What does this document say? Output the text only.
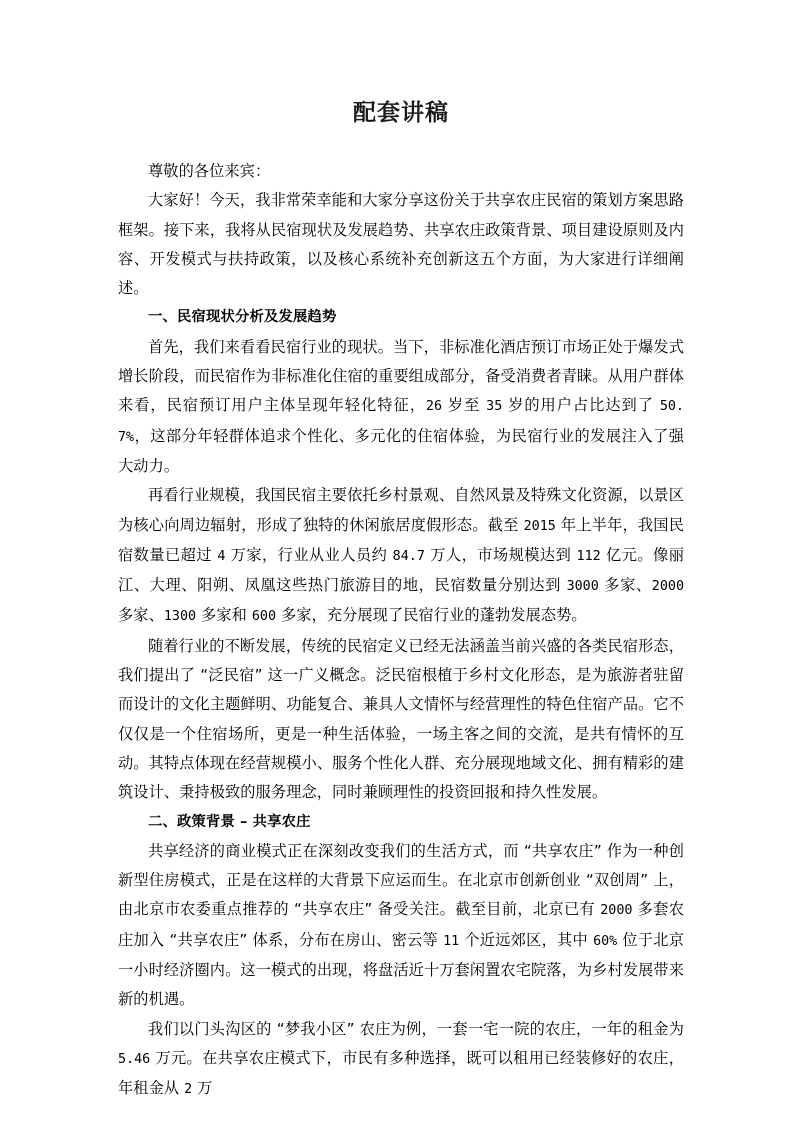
配套讲稿

尊敬的各位来宾：

大家好！今天，我非常荣幸能和大家分享这份关于共享农庄民宿的策划方案思路框架。接下来，我将从民宿现状及发展趋势、共享农庄政策背景、项目建设原则及内容、开发模式与扶持政策，以及核心系统补充创新这五个方面，为大家进行详细阐述。

一、民宿现状分析及发展趋势

首先，我们来看看民宿行业的现状。当下，非标准化酒店预订市场正处于爆发式增长阶段，而民宿作为非标准化住宿的重要组成部分，备受消费者青睐。从用户群体来看，民宿预订用户主体呈现年轻化特征，26 岁至 35 岁的用户占比达到了 50.7%，这部分年轻群体追求个性化、多元化的住宿体验，为民宿行业的发展注入了强大动力。

再看行业规模，我国民宿主要依托乡村景观、自然风景及特殊文化资源，以景区为核心向周边辐射，形成了独特的休闲旅居度假形态。截至 2015 年上半年，我国民宿数量已超过 4 万家，行业从业人员约 84.7 万人，市场规模达到 112 亿元。像丽江、大理、阳朔、凤凰这些热门旅游目的地，民宿数量分别达到 3000 多家、2000 多家、1300 多家和 600 多家，充分展现了民宿行业的蓬勃发展态势。

随着行业的不断发展，传统的民宿定义已经无法涵盖当前兴盛的各类民宿形态，我们提出了 “泛民宿” 这一广义概念。泛民宿根植于乡村文化形态，是为旅游者驻留而设计的文化主题鲜明、功能复合、兼具人文情怀与经营理性的特色住宿产品。它不仅仅是一个住宿场所，更是一种生活体验，一场主客之间的交流，是共有情怀的互动。其特点体现在经营规模小、服务个性化人群、充分展现地域文化、拥有精彩的建筑设计、秉持极致的服务理念，同时兼顾理性的投资回报和持久性发展。

二、政策背景 – 共享农庄

共享经济的商业模式正在深刻改变我们的生活方式，而 “共享农庄” 作为一种创新型住房模式，正是在这样的大背景下应运而生。在北京市创新创业 “双创周” 上，由北京市农委重点推荐的 “共享农庄” 备受关注。截至目前，北京已有 2000 多套农庄加入 “共享农庄” 体系，分布在房山、密云等 11 个近远郊区，其中 60% 位于北京一小时经济圈内。这一模式的出现，将盘活近十万套闲置农宅院落，为乡村发展带来新的机遇。

我们以门头沟区的 “梦我小区” 农庄为例，一套一宅一院的农庄，一年的租金为 5.46 万元。在共享农庄模式下，市民有多种选择，既可以租用已经装修好的农庄，年租金从 2 万
